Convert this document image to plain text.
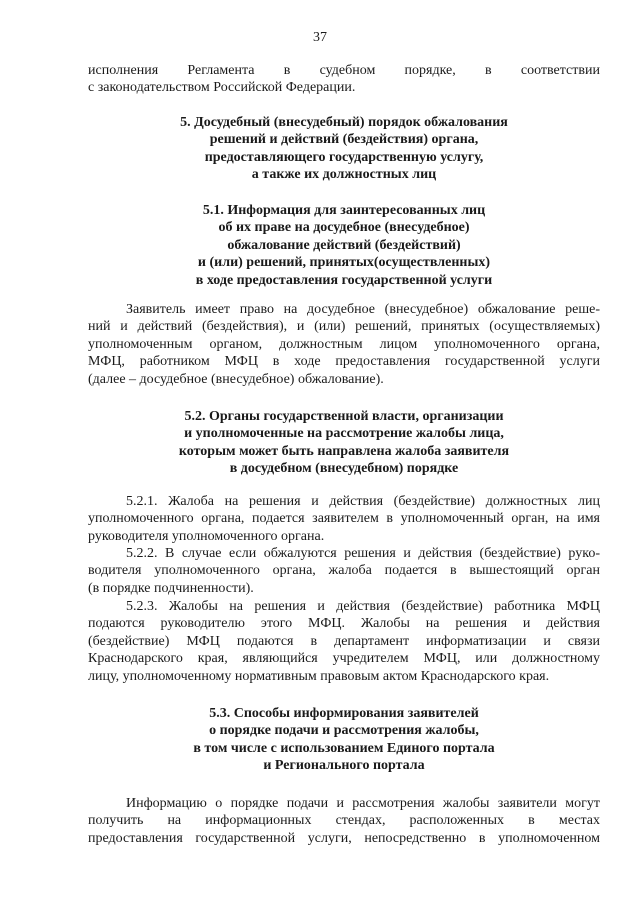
37
исполнения Регламента в судебном порядке, в соответствии
с законодательством Российской Федерации.
5. Досудебный (внесудебный) порядок обжалования
решений и действий (бездействия) органа,
предоставляющего государственную услугу,
а также их должностных лиц
5.1. Информация для заинтересованных лиц
об их праве на досудебное (внесудебное)
обжалование действий (бездействий)
и (или) решений, принятых(осуществленных)
в ходе предоставления государственной услуги
Заявитель имеет право на досудебное (внесудебное) обжалование реше-
ний и действий (бездействия), и (или) решений, принятых (осуществляемых)
уполномоченным органом, должностным лицом уполномоченного органа,
МФЦ, работником МФЦ в ходе предоставления государственной услуги
(далее – досудебное (внесудебное) обжалование).
5.2. Органы государственной власти, организации
и уполномоченные на рассмотрение жалобы лица,
которым может быть направлена жалоба заявителя
в досудебном (внесудебном) порядке
5.2.1. Жалоба на решения и действия (бездействие) должностных лиц
уполномоченного органа, подается заявителем в уполномоченный орган, на имя
руководителя уполномоченного органа.
5.2.2. В случае если обжалуются решения и действия (бездействие) руко-
водителя уполномоченного органа, жалоба подается в вышестоящий орган
(в порядке подчиненности).
5.2.3. Жалобы на решения и действия (бездействие) работника МФЦ
подаются руководителю этого МФЦ. Жалобы на решения и действия
(бездействие) МФЦ подаются в департамент информатизации и связи
Краснодарского края, являющийся учредителем МФЦ, или должностному
лицу, уполномоченному нормативным правовым актом Краснодарского края.
5.3. Способы информирования заявителей
о порядке подачи и рассмотрения жалобы,
в том числе с использованием Единого портала
и Регионального портала
Информацию о порядке подачи и рассмотрения жалобы заявители могут
получить на информационных стендах, расположенных в местах
предоставления государственной услуги, непосредственно в уполномоченном
